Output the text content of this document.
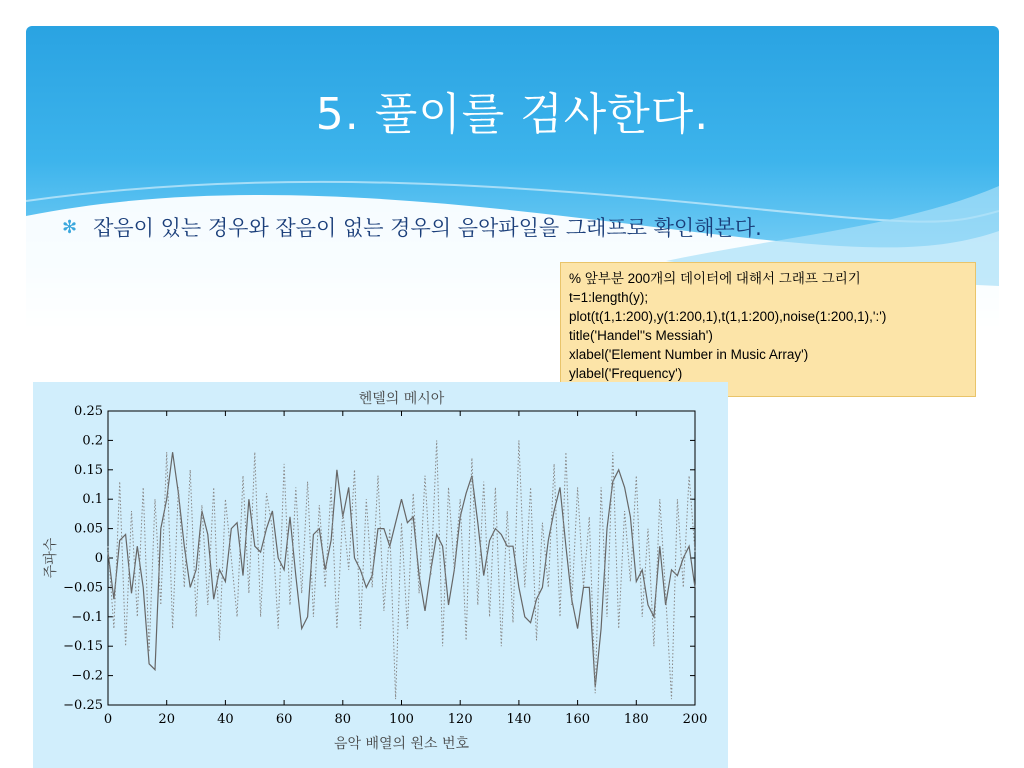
5. 풀이를 검사한다.
✻ 잡음이 있는 경우와 잡음이 없는 경우의 음악파일을 그래프로 확인해본다.
% 앞부분 200개의 데이터에 대해서 그래프 그리기
t=1:length(y);
plot(t(1,1:200),y(1:200,1),t(1,1:200),noise(1:200,1),':')
title('Handel''s Messiah')
xlabel('Element Number in Music Array')
ylabel('Frequency')
헨델의 메시아
음악 배열의 원소 번호
주파수
0	20	40	60	80	100	120	140	160	180	200
0.25
0.2
0.15
0.1
0.05
0
−0.05
−0.1
−0.15
−0.2
−0.25
